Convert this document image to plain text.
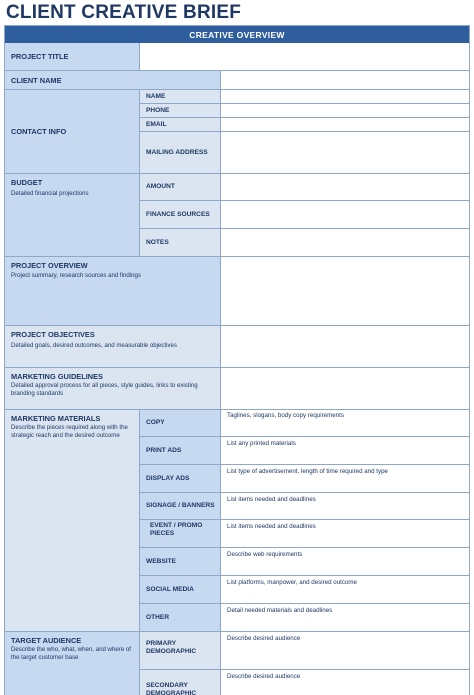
CLIENT CREATIVE BRIEF
CREATIVE OVERVIEW
PROJECT TITLE
CLIENT NAME
CONTACT INFO
NAME
PHONE
EMAIL
MAILING ADDRESS
BUDGET
Detailed financial projections
AMOUNT
FINANCE SOURCES
NOTES
PROJECT OVERVIEW
Project summary, research sources and findings
PROJECT OBJECTIVES
Detailed goals, desired outcomes, and measurable objectives
MARKETING GUIDELINES
Detailed approval process for all pieces, style guides, links to existing branding standards
MARKETING MATERIALS
Describe the pieces required along with the strategic reach and the desired outcome
COPY
Taglines, slogans, body copy requirements
PRINT ADS
List any printed materials
DISPLAY ADS
List type of advertisement, length of time required and type
SIGNAGE / BANNERS
List items needed and deadlines
EVENT / PROMO PIECES
List items needed and deadlines
WEBSITE
Describe web requirements
SOCIAL MEDIA
List platforms, manpower, and desired outcome
OTHER
Detail needed materials and deadlines
TARGET AUDIENCE
Describe the who, what, when, and where of the target customer base
PRIMARY DEMOGRAPHIC
Describe desired audience
SECONDARY DEMOGRAPHIC
Describe desired audience
